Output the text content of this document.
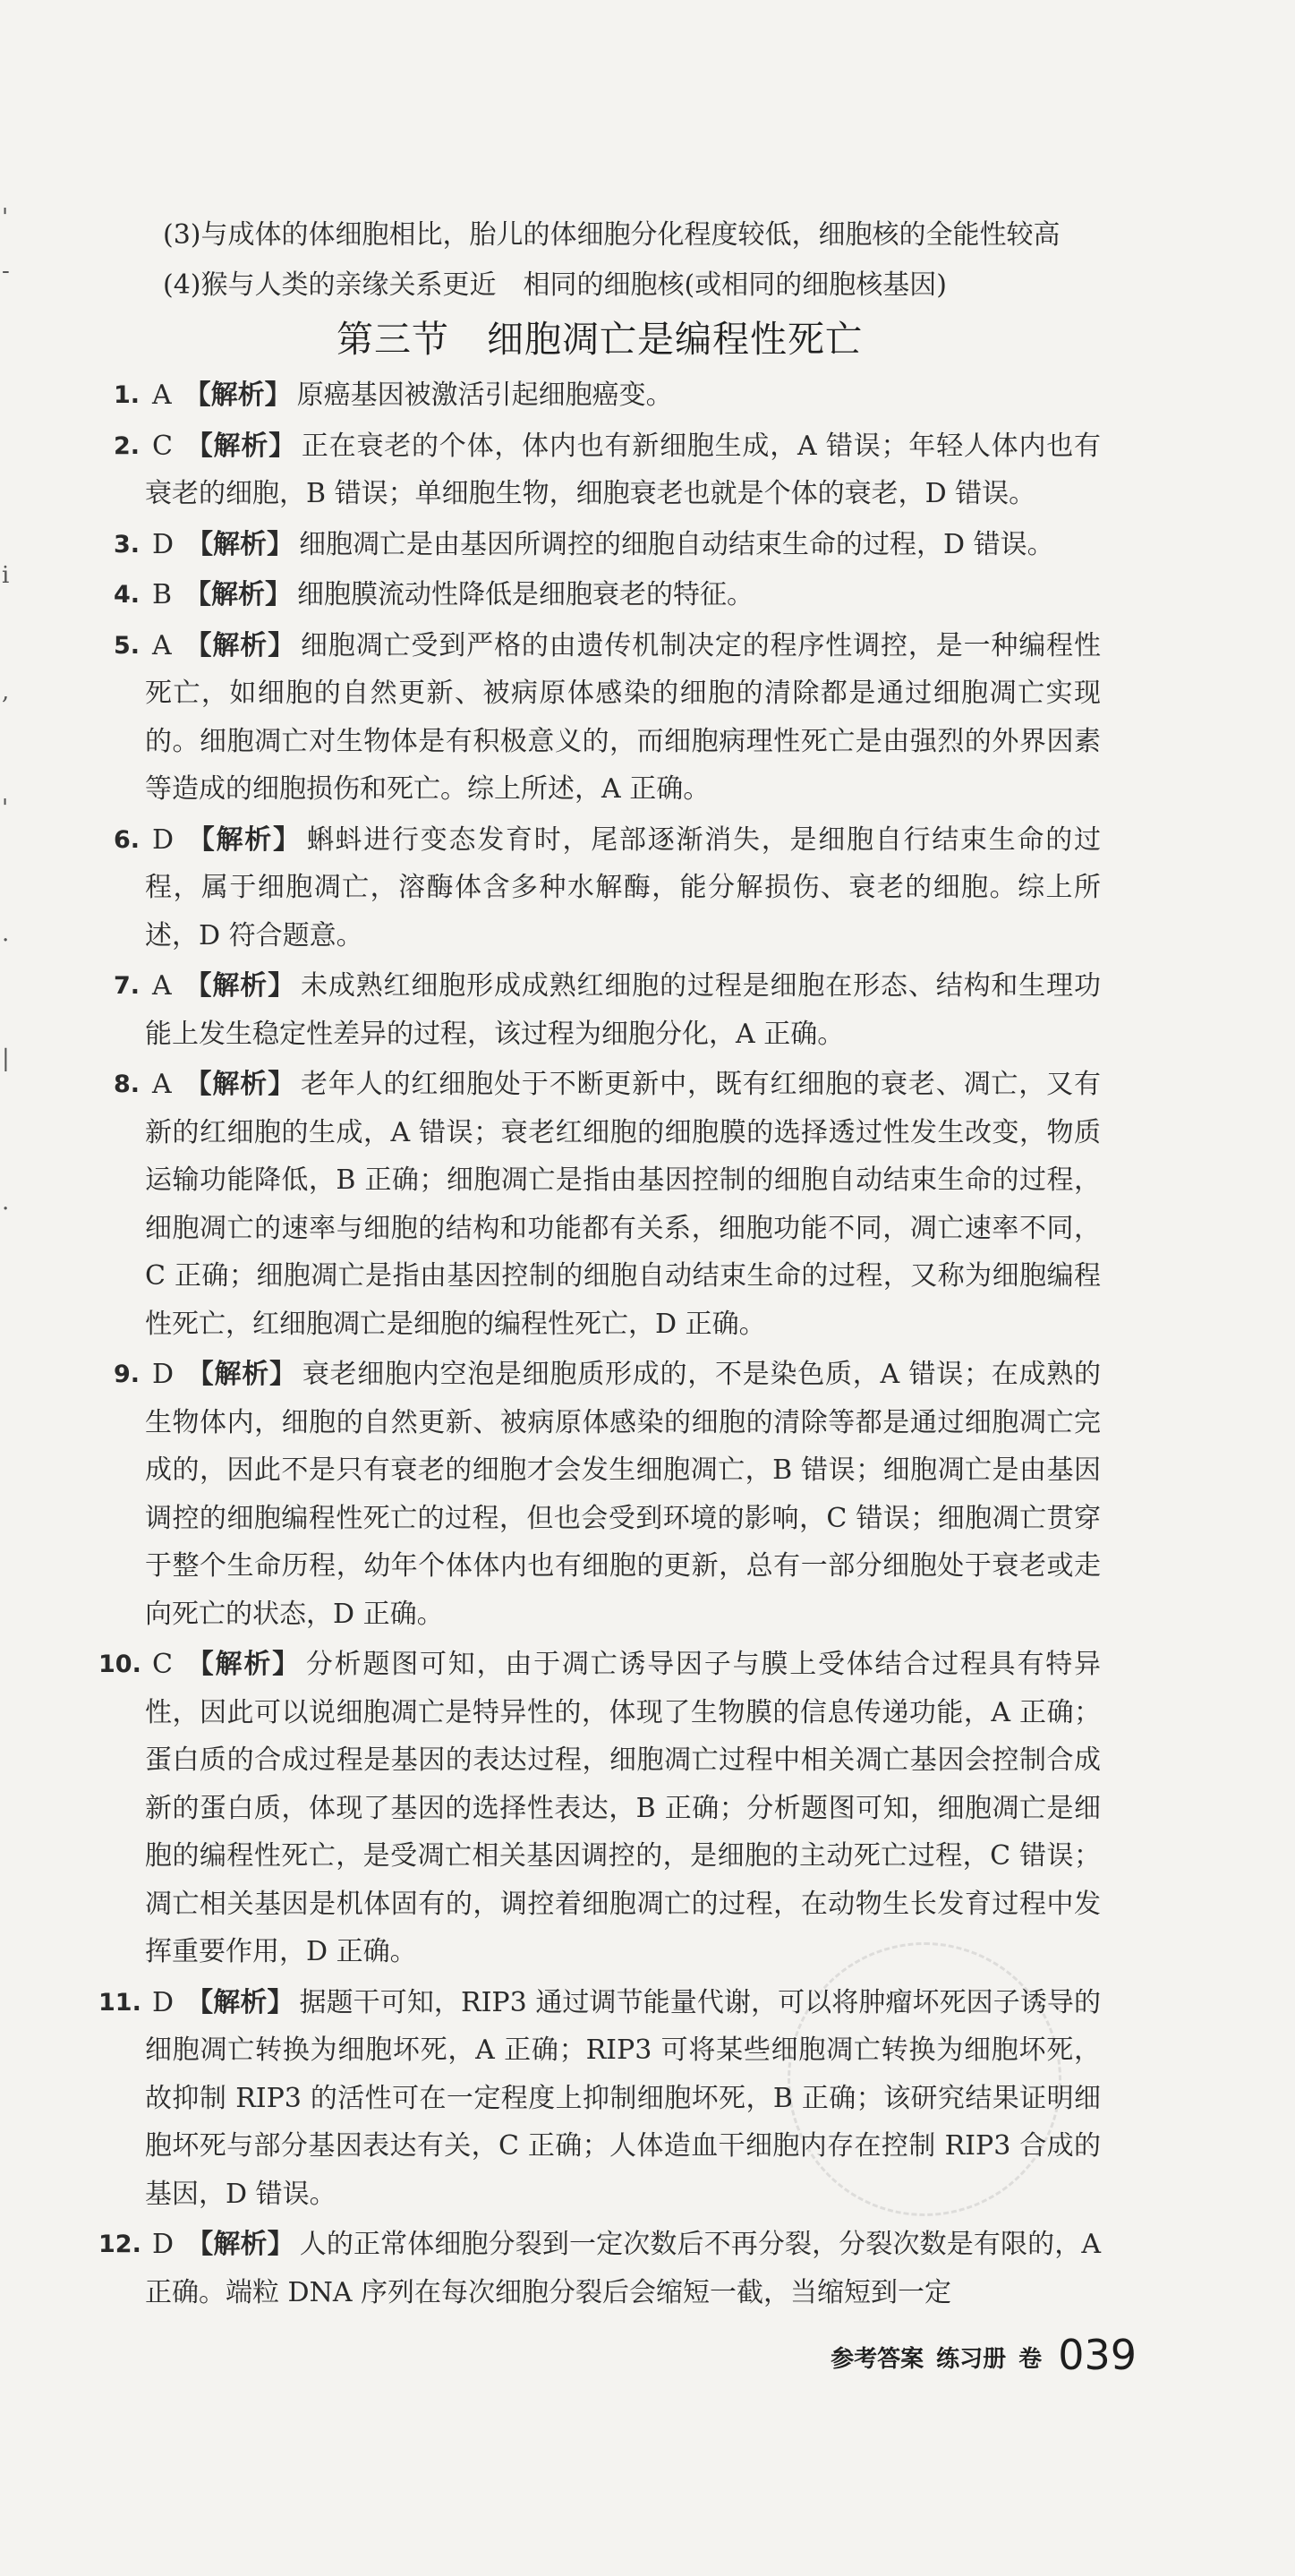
'
-
i
,
'
.
|
.

(3)与成体的体细胞相比，胎儿的体细胞分化程度较低，细胞核的全能性较高

(4)猴与人类的亲缘关系更近　相同的细胞核(或相同的细胞核基因)

第三节　细胞凋亡是编程性死亡

1. A 【解析】 原癌基因被激活引起细胞癌变。

2. C 【解析】 正在衰老的个体，体内也有新细胞生成，A 错误；年轻人体内也有衰老的细胞，B 错误；单细胞生物，细胞衰老也就是个体的衰老，D 错误。

3. D 【解析】 细胞凋亡是由基因所调控的细胞自动结束生命的过程，D 错误。

4. B 【解析】 细胞膜流动性降低是细胞衰老的特征。

5. A 【解析】 细胞凋亡受到严格的由遗传机制决定的程序性调控，是一种编程性死亡，如细胞的自然更新、被病原体感染的细胞的清除都是通过细胞凋亡实现的。细胞凋亡对生物体是有积极意义的，而细胞病理性死亡是由强烈的外界因素等造成的细胞损伤和死亡。综上所述，A 正确。

6. D 【解析】 蝌蚪进行变态发育时，尾部逐渐消失，是细胞自行结束生命的过程，属于细胞凋亡，溶酶体含多种水解酶，能分解损伤、衰老的细胞。综上所述，D 符合题意。

7. A 【解析】 未成熟红细胞形成成熟红细胞的过程是细胞在形态、结构和生理功能上发生稳定性差异的过程，该过程为细胞分化，A 正确。

8. A 【解析】 老年人的红细胞处于不断更新中，既有红细胞的衰老、凋亡，又有新的红细胞的生成，A 错误；衰老红细胞的细胞膜的选择透过性发生改变，物质运输功能降低，B 正确；细胞凋亡是指由基因控制的细胞自动结束生命的过程，细胞凋亡的速率与细胞的结构和功能都有关系，细胞功能不同，凋亡速率不同，C 正确；细胞凋亡是指由基因控制的细胞自动结束生命的过程，又称为细胞编程性死亡，红细胞凋亡是细胞的编程性死亡，D 正确。

9. D 【解析】 衰老细胞内空泡是细胞质形成的，不是染色质，A 错误；在成熟的生物体内，细胞的自然更新、被病原体感染的细胞的清除等都是通过细胞凋亡完成的，因此不是只有衰老的细胞才会发生细胞凋亡，B 错误；细胞凋亡是由基因调控的细胞编程性死亡的过程，但也会受到环境的影响，C 错误；细胞凋亡贯穿于整个生命历程，幼年个体体内也有细胞的更新，总有一部分细胞处于衰老或走向死亡的状态，D 正确。

10. C 【解析】 分析题图可知，由于凋亡诱导因子与膜上受体结合过程具有特异性，因此可以说细胞凋亡是特异性的，体现了生物膜的信息传递功能，A 正确；蛋白质的合成过程是基因的表达过程，细胞凋亡过程中相关凋亡基因会控制合成新的蛋白质，体现了基因的选择性表达，B 正确；分析题图可知，细胞凋亡是细胞的编程性死亡，是受凋亡相关基因调控的，是细胞的主动死亡过程，C 错误；凋亡相关基因是机体固有的，调控着细胞凋亡的过程，在动物生长发育过程中发挥重要作用，D 正确。

11. D 【解析】 据题干可知，RIP3 通过调节能量代谢，可以将肿瘤坏死因子诱导的细胞凋亡转换为细胞坏死，A 正确；RIP3 可将某些细胞凋亡转换为细胞坏死，故抑制 RIP3 的活性可在一定程度上抑制细胞坏死，B 正确；该研究结果证明细胞坏死与部分基因表达有关，C 正确；人体造血干细胞内存在控制 RIP3 合成的基因，D 错误。

12. D 【解析】 人的正常体细胞分裂到一定次数后不再分裂，分裂次数是有限的，A 正确。端粒 DNA 序列在每次细胞分裂后会缩短一截，当缩短到一定

参考答案 练习册 卷 039
